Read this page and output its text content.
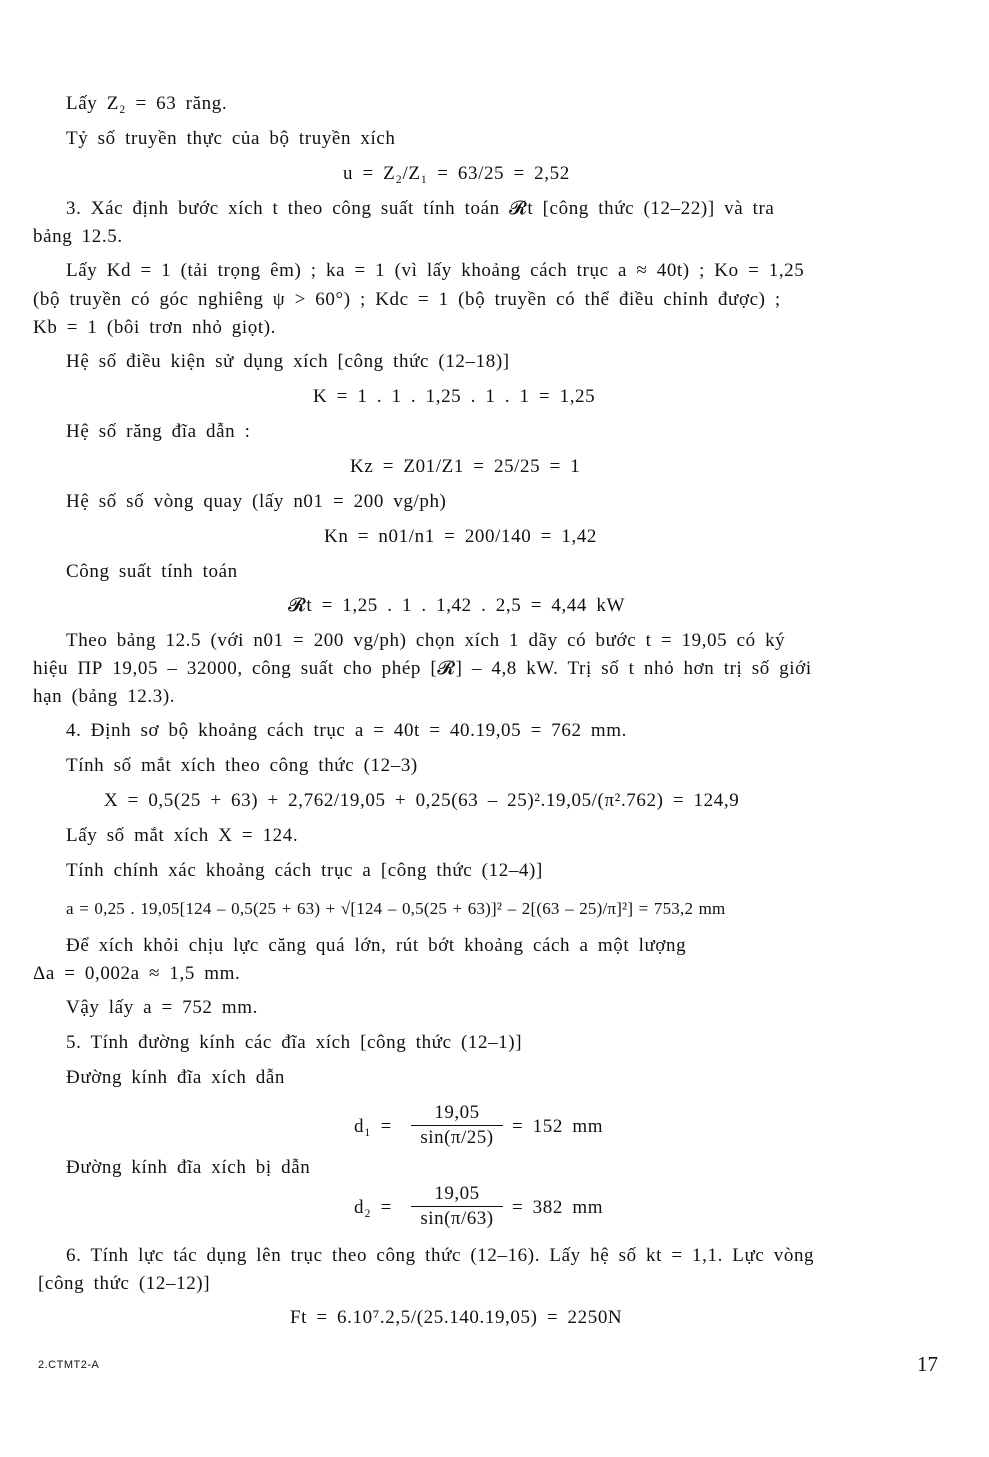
Lấy Z₂ = 63 răng.
Tỷ số truyền thực của bộ truyền xích
u = Z₂/Z₁ = 63/25 = 2,52
3. Xác định bước xích t theo công suất tính toán 𝓡t [công thức (12–22)] và tra
bảng 12.5.
Lấy Kd = 1 (tải trọng êm) ; ka = 1 (vì lấy khoảng cách trục a ≈ 40t) ; Ko = 1,25
(bộ truyền có góc nghiêng ψ > 60°) ; Kdc = 1 (bộ truyền có thể điều chỉnh được) ;
Kb = 1 (bôi trơn nhỏ giọt).
Hệ số điều kiện sử dụng xích [công thức (12–18)]
K = 1 . 1 . 1,25 . 1 . 1 = 1,25
Hệ số răng đĩa dẫn :
Kz = Z01/Z1 = 25/25 = 1
Hệ số số vòng quay (lấy n01 = 200 vg/ph)
Kn = n01/n1 = 200/140 = 1,42
Công suất tính toán
𝓡t = 1,25 . 1 . 1,42 . 2,5 = 4,44 kW
Theo bảng 12.5 (với n01 = 200 vg/ph) chọn xích 1 dãy có bước t = 19,05 có ký
hiệu ПР 19,05 – 32000, công suất cho phép [𝓡] – 4,8 kW. Trị số t nhỏ hơn trị số giới
hạn (bảng 12.3).
4. Định sơ bộ khoảng cách trục a = 40t = 40.19,05 = 762 mm.
Tính số mắt xích theo công thức (12–3)
X = 0,5(25 + 63) + 2,762/19,05 + 0,25(63 – 25)².19,05/(π².762) = 124,9
Lấy số mắt xích X = 124.
Tính chính xác khoảng cách trục a [công thức (12–4)]
a = 0,25 . 19,05[124 – 0,5(25 + 63) + √[124 – 0,5(25 + 63)]² – 2[(63 – 25)/π]²] = 753,2 mm
Để xích khỏi chịu lực căng quá lớn, rút bớt khoảng cách a một lượng
Δa = 0,002a ≈ 1,5 mm.
Vậy lấy a = 752 mm.
5. Tính đường kính các đĩa xích [công thức (12–1)]
Đường kính đĩa xích dẫn
d₁ =
19,05
sin(π/25)
= 152 mm
Đường kính đĩa xích bị dẫn
d₂ =
19,05
sin(π/63)
= 382 mm
6. Tính lực tác dụng lên trục theo công thức (12–16). Lấy hệ số kt = 1,1. Lực vòng
[công thức (12–12)]
Ft = 6.10⁷.2,5/(25.140.19,05) = 2250N
2.CTMT2-A	17
